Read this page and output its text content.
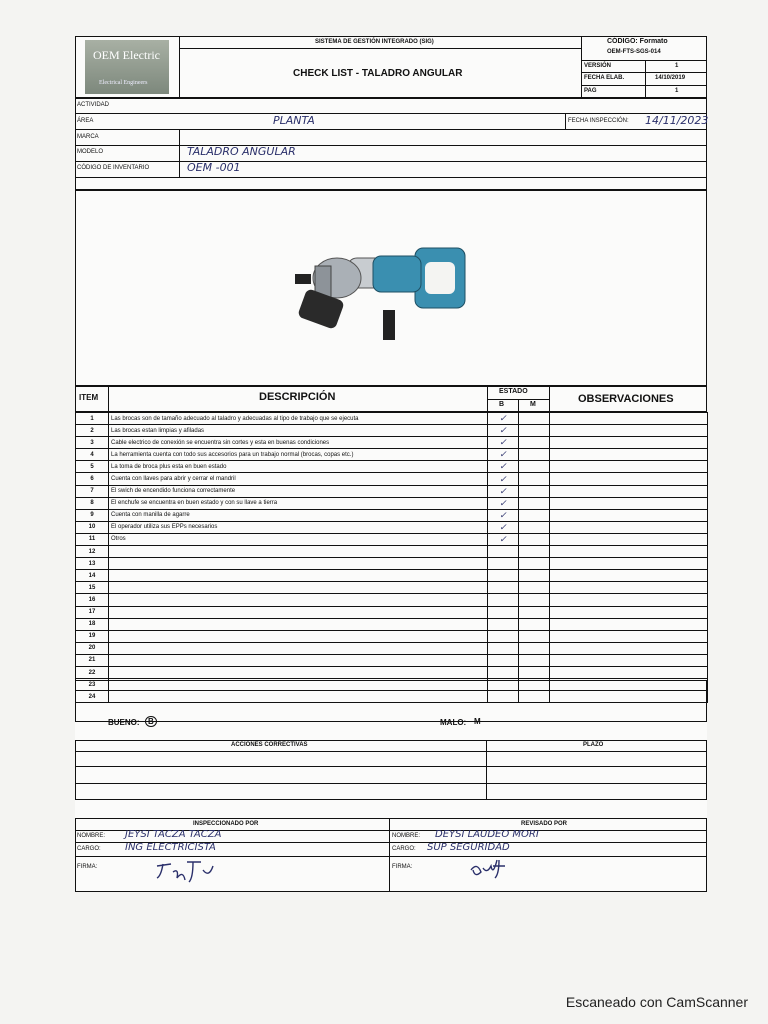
OEM Electric
Electrical Engineers
SISTEMA DE GESTIÓN INTEGRADO (SIG)
CHECK LIST - TALADRO ANGULAR
CÓDIGO: Formato
OEM-FTS-SGS-014
VERSIÓN	1
FECHA ELAB.	14/10/2019
PAG	1
ACTIVIDAD
ÁREA	PLANTA	FECHA INSPECCIÓN: 14/11/2023
MARCA
MODELO	TALADRO ANGULAR
CÓDIGO DE INVENTARIO	OEM -001
ITEM	DESCRIPCIÓN	ESTADO
B	M	OBSERVACIONES
1	Las brocas son de tamaño adecuado al taladro y adecuadas al tipo de trabajo que se ejecuta	✓		
2	Las brocas estan limpias y afiladas	✓		
3	Cable electrico de conexión se encuentra sin cortes y esta en buenas condiciones	✓		
4	La herramienta cuenta con todo sus accesorios para un trabajo normal (brocas, copas etc.)	✓		
5	La toma de broca plus esta en buen estado	✓		
6	Cuenta con llaves para abrir y cerrar el mandril	✓		
7	El swich de encendido funciona correctamente	✓		
8	El enchufe se encuentra en buen estado y con su llave a tierra	✓		
9	Cuenta con manilla de agarre	✓		
10	El operador utiliza sus EPPs necesarios	✓		
11	Otros	✓		
12				
13				
14				
15				
16				
17				
18				
19				
20				
21				
22				
23				
24				
BUENO:	B	MALO: M
ACCIONES CORRECTIVAS	PLAZO
INSPECCIONADO POR	REVISADO POR
NOMBRE: JEYSI TACZA TACZA
CARGO: ING ELECTRICISTA
FIRMA:
NOMBRE: DEYSI LAUDEO MORI
CARGO: SUP SEGURIDAD
FIRMA:
Escaneado con CamScanner
